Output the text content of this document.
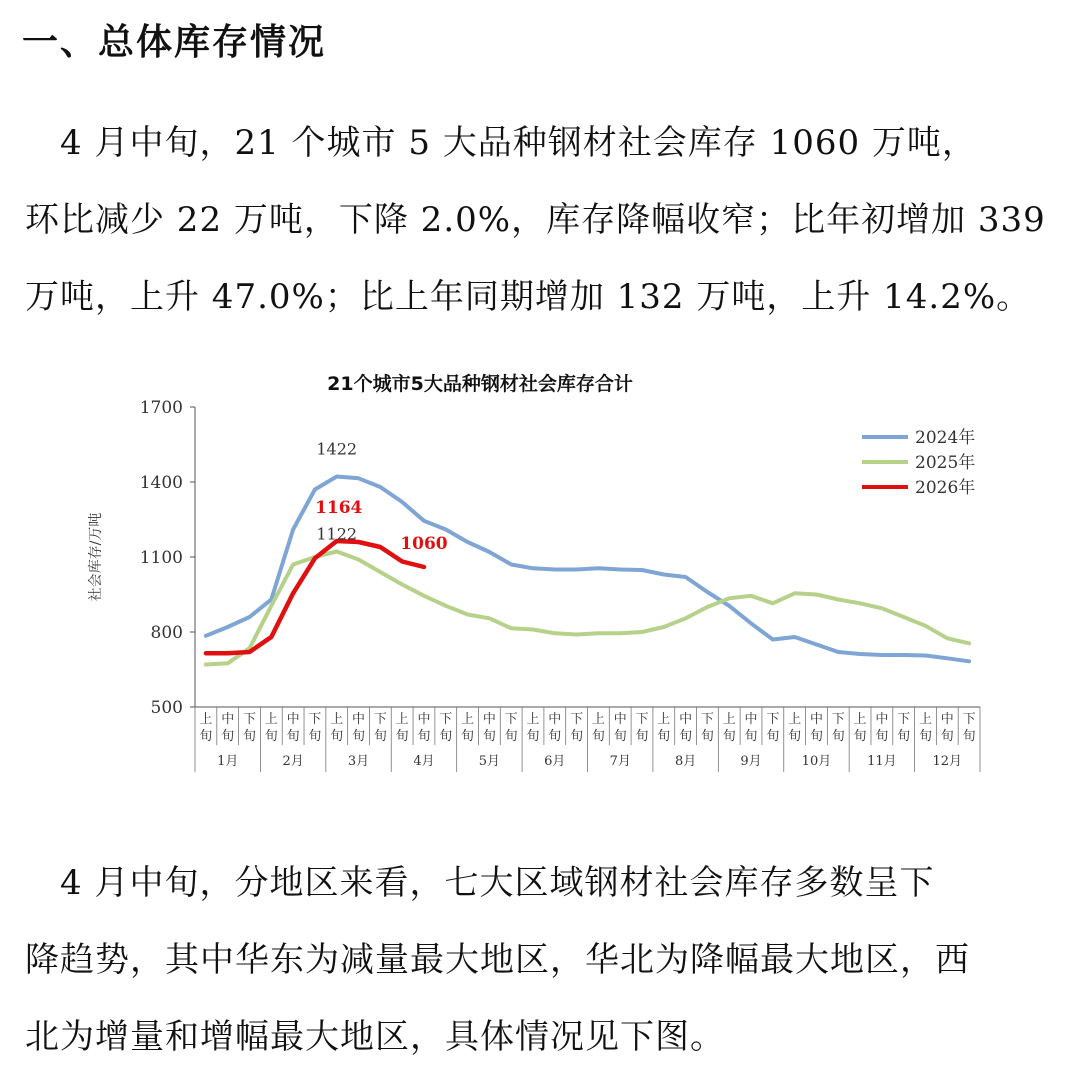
一、总体库存情况

　4 月中旬，21 个城市 5 大品种钢材社会库存 1060 万吨，
环比减少 22 万吨，下降 2.0%，库存降幅收窄；比年初增加 339
万吨，上升 47.0%；比上年同期增加 132 万吨，上升 14.2%。

21个城市5大品种钢材社会库存合计
社会库存/万吨
500
800
1100
1400
1700
上旬
中旬
下旬
上旬
中旬
下旬
上旬
中旬
下旬
上旬
中旬
下旬
上旬
中旬
下旬
上旬
中旬
下旬
上旬
中旬
下旬
上旬
中旬
下旬
上旬
中旬
下旬
上旬
中旬
下旬
上旬
中旬
下旬
上旬
中旬
下旬
1月	2月	3月	4月	5月	6月	7月	8月	9月	10月	11月	12月
2024年
2025年
2026年
1422
1164
1122	1060

　4 月中旬，分地区来看，七大区域钢材社会库存多数呈下
降趋势，其中华东为减量最大地区，华北为降幅最大地区，西
北为增量和增幅最大地区，具体情况见下图。
